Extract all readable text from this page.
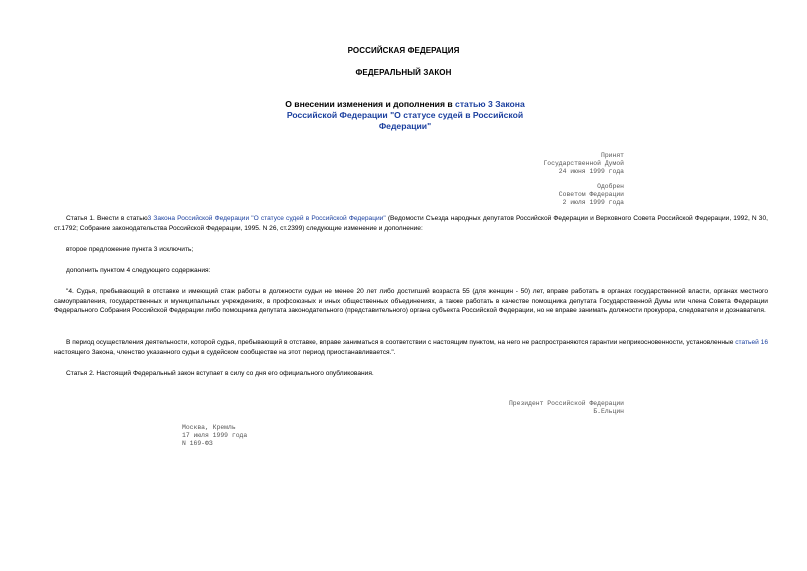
РОССИЙСКАЯ ФЕДЕРАЦИЯ
ФЕДЕРАЛЬНЫЙ ЗАКОН
О внесении изменения и дополнения в статью 3 Закона Российской Федерации "О статусе судей в Российской Федерации"
Принят
Государственной Думой
24 июня 1999 года
Одобрен
Советом Федерации
2 июля 1999 года
Статья 1. Внести в статью3 Закона Российской Федерации "О статусе судей в Российской Федерации" (Ведомости Съезда народных депутатов Российской Федерации и Верховного Совета Российской Федерации, 1992, N 30, ст.1792; Собрание законодательства Российской Федерации, 1995. N 26, ст.2399) следующие изменение и дополнение:
второе предложение пункта 3 исключить;
дополнить пунктом 4 следующего содержания:
"4. Судья, пребывающий в отставке и имеющий стаж работы в должности судьи не менее 20 лет либо достигший возраста 55 (для женщин - 50) лет, вправе работать в органах государственной власти, органах местного самоуправления, государственных и муниципальных учреждениях, в профсоюзных и иных общественных объединениях, а также работать в качестве помощника депутата Государственной Думы или члена Совета Федерации Федерального Собрания Российской Федерации либо помощника депутата законодательного (представительного) органа субъекта Российской Федерации, но не вправе занимать должности прокурора, следователя и дознавателя.
В период осуществления деятельности, которой судья, пребывающий в отставке, вправе заниматься в соответствии с настоящим пунктом, на него не распространяются гарантии неприкосновенности, установленные статьей 16 настоящего Закона, членство указанного судьи в судейском сообществе на этот период приостанавливается.".
Статья 2. Настоящий Федеральный закон вступает в силу со дня его официального опубликования.
Президент Российской Федерации
Б.Ельцин
Москва, Кремль
17 июля 1999 года
N 169-ФЗ
